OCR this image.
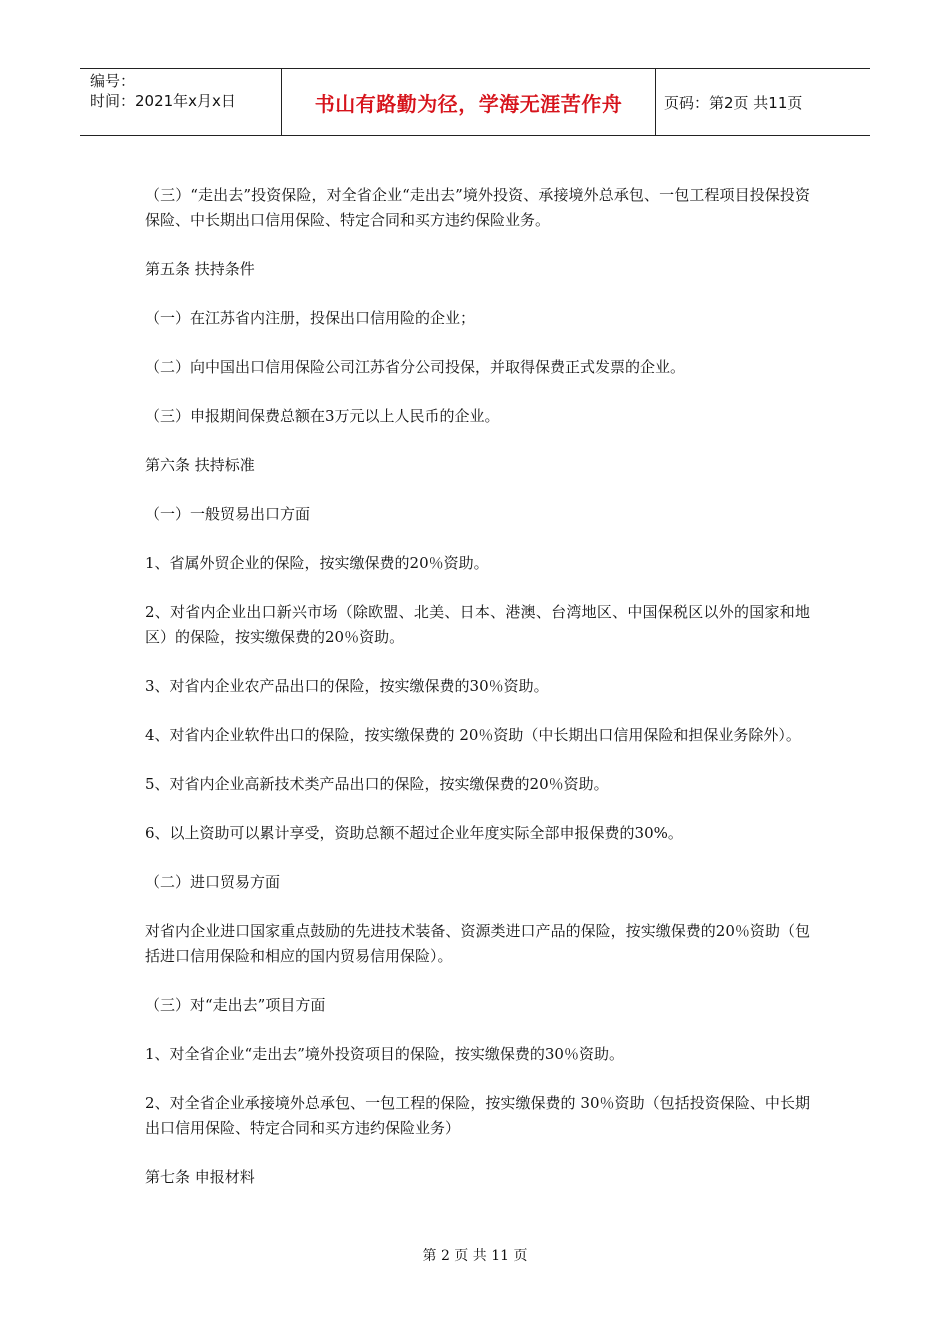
编号：
时间：2021年x月x日	书山有路勤为径，学海无涯苦作舟	页码：第2页 共11页

（三）“走出去”投资保险，对全省企业“走出去”境外投资、承接境外总承包、一包工程项目投保投资保险、中长期出口信用保险、特定合同和买方违约保险业务。

第五条 扶持条件

（一）在江苏省内注册，投保出口信用险的企业；

（二）向中国出口信用保险公司江苏省分公司投保，并取得保费正式发票的企业。

（三）申报期间保费总额在3万元以上人民币的企业。

第六条 扶持标准

（一）一般贸易出口方面

1、省属外贸企业的保险，按实缴保费的20％资助。

2、对省内企业出口新兴市场（除欧盟、北美、日本、港澳、台湾地区、中国保税区以外的国家和地区）的保险，按实缴保费的20％资助。

3、对省内企业农产品出口的保险，按实缴保费的30％资助。

4、对省内企业软件出口的保险，按实缴保费的 20％资助（中长期出口信用保险和担保业务除外）。

5、对省内企业高新技术类产品出口的保险，按实缴保费的20％资助。

6、以上资助可以累计享受，资助总额不超过企业年度实际全部申报保费的30%。

（二）进口贸易方面

对省内企业进口国家重点鼓励的先进技术装备、资源类进口产品的保险，按实缴保费的20％资助（包括进口信用保险和相应的国内贸易信用保险）。

（三）对“走出去”项目方面

1、对全省企业“走出去”境外投资项目的保险，按实缴保费的30％资助。

2、对全省企业承接境外总承包、一包工程的保险，按实缴保费的 30％资助（包括投资保险、中长期出口信用保险、特定合同和买方违约保险业务）

第七条 申报材料

第 2 页 共 11 页
